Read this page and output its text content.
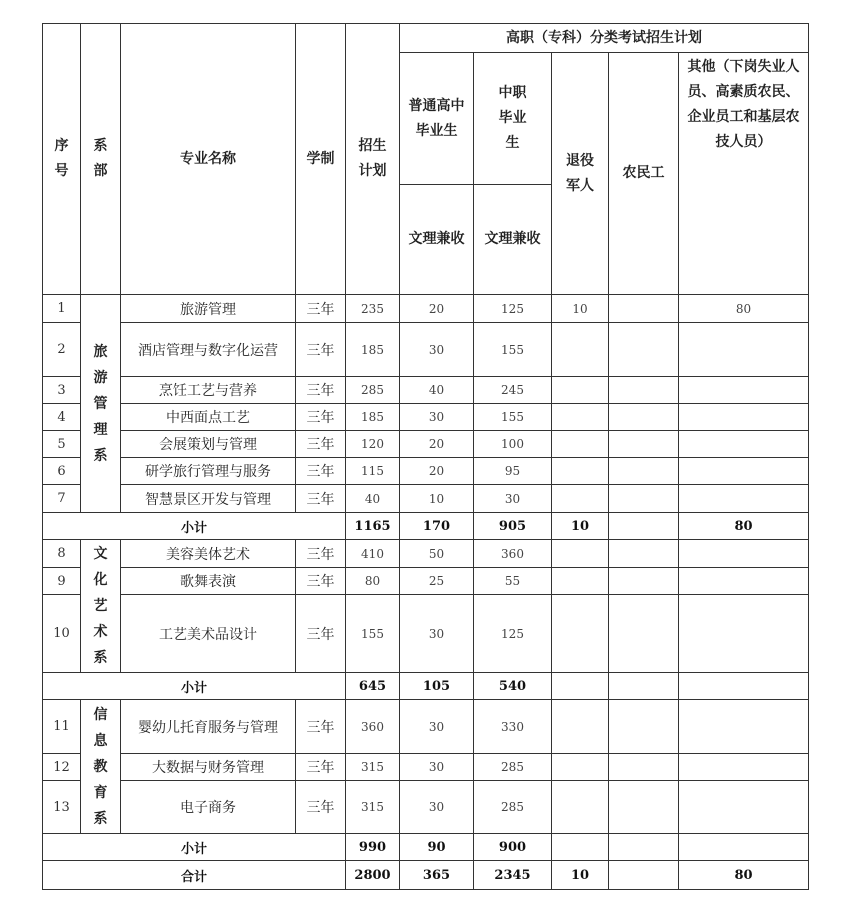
序号	系部	专业名称	学制	招生计划	高职（专科）分类考试招生计划				
					普通高中毕业生	中职毕业生	退役军人	农民工	其他（下岗失业人员、高素质农民、企业员工和基层农技人员）
					文理兼收	文理兼收			
1	旅游管理系	旅游管理	三年	235	20	125	10		80
2		酒店管理与数字化运营	三年	185	30	155			
3		烹饪工艺与营养	三年	285	40	245			
4		中西面点工艺	三年	185	30	155			
5		会展策划与管理	三年	120	20	100			
6		研学旅行管理与服务	三年	115	20	95			
7		智慧景区开发与管理	三年	40	10	30			
小计				1165	170	905	10		80
8	文化艺术系	美容美体艺术	三年	410	50	360			
9		歌舞表演	三年	80	25	55			
10		工艺美术品设计	三年	155	30	125			
小计				645	105	540			
11	信息教育系	婴幼儿托育服务与管理	三年	360	30	330			
12		大数据与财务管理	三年	315	30	285			
13		电子商务	三年	315	30	285			
小计				990	90	900			
合计				2800	365	2345	10		80
